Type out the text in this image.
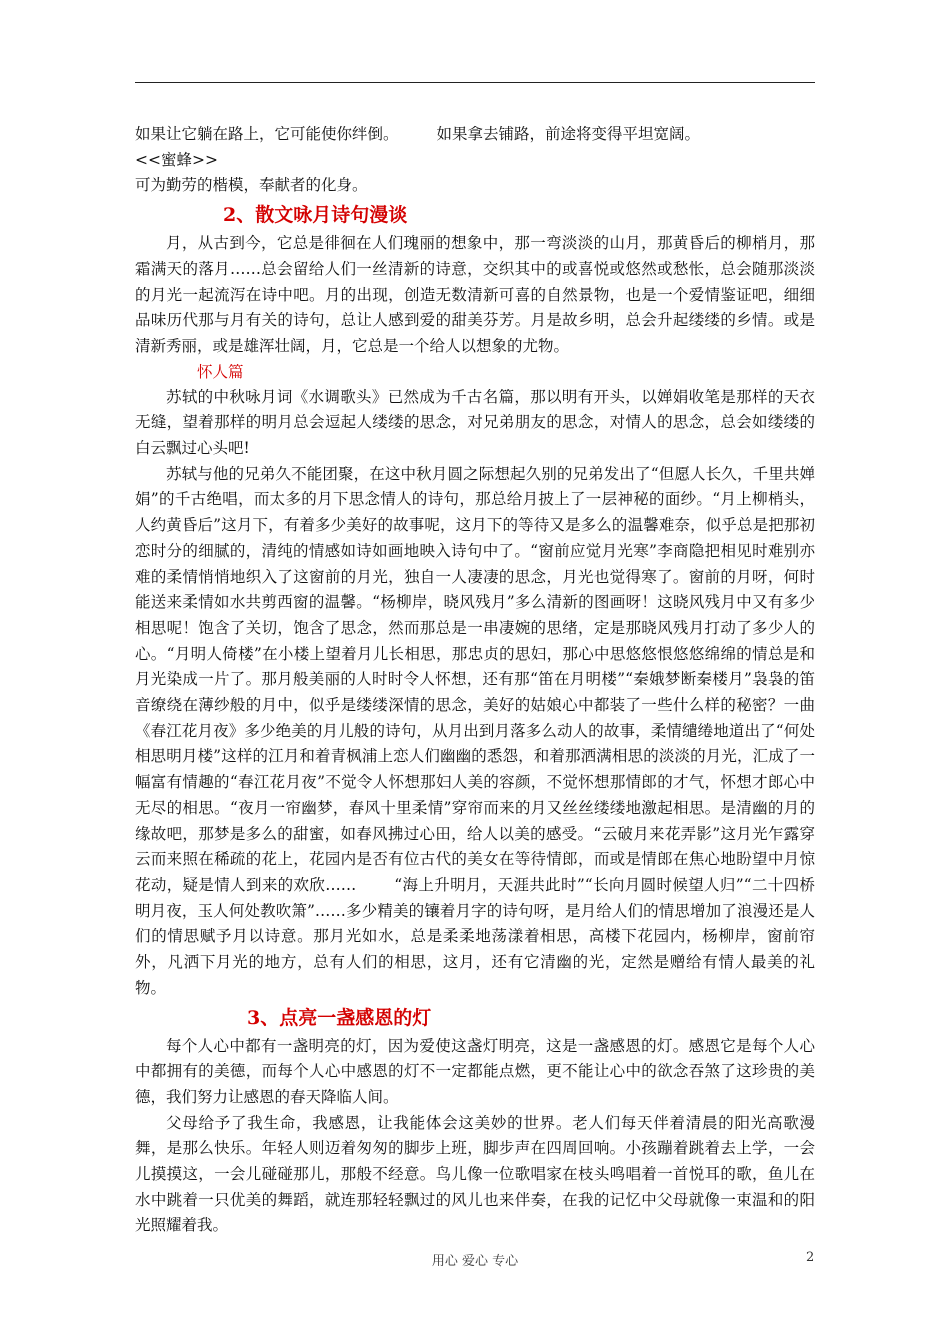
如果让它躺在路上，它可能使你绊倒。 如果拿去铺路，前途将变得平坦宽阔。

<<蜜蜂>>

可为勤劳的楷模，奉献者的化身。

2、散文咏月诗句漫谈

月，从古到今，它总是徘徊在人们瑰丽的想象中，那一弯淡淡的山月，那黄昏后的柳梢月，那霜满天的落月……总会留给人们一丝清新的诗意，交织其中的或喜悦或悠然或愁怅，总会随那淡淡的月光一起流泻在诗中吧。月的出现，创造无数清新可喜的自然景物，也是一个爱情鉴证吧，细细品味历代那与月有关的诗句，总让人感到爱的甜美芬芳。月是故乡明，总会升起缕缕的乡情。或是清新秀丽，或是雄浑壮阔，月，它总是一个给人以想象的尤物。

怀人篇

苏轼的中秋咏月词《水调歌头》已然成为千古名篇，那以明有开头，以婵娟收笔是那样的天衣无缝，望着那样的明月总会逗起人缕缕的思念，对兄弟朋友的思念，对情人的思念，总会如缕缕的白云飘过心头吧!

苏轼与他的兄弟久不能团聚，在这中秋月圆之际想起久别的兄弟发出了“但愿人长久，千里共婵娟”的千古绝唱，而太多的月下思念情人的诗句，那总给月披上了一层神秘的面纱。“月上柳梢头，人约黄昏后”这月下，有着多少美好的故事呢，这月下的等待又是多么的温馨难奈，似乎总是把那初恋时分的细腻的，清纯的情感如诗如画地映入诗句中了。“窗前应觉月光寒”李商隐把相见时难别亦难的柔情悄悄地织入了这窗前的月光，独自一人凄凄的思念，月光也觉得寒了。窗前的月呀，何时能送来柔情如水共剪西窗的温馨。“杨柳岸，晓风残月”多么清新的图画呀！这晓风残月中又有多少相思呢！饱含了关切，饱含了思念，然而那总是一串凄婉的思绪，定是那晓风残月打动了多少人的心。“月明人倚楼”在小楼上望着月儿长相思，那忠贞的思妇，那心中思悠悠恨悠悠绵绵的情总是和月光染成一片了。那月般美丽的人时时令人怀想，还有那“笛在月明楼”“秦娥梦断秦楼月”袅袅的笛音缭绕在薄纱般的月中，似乎是缕缕深情的思念，美好的姑娘心中都装了一些什么样的秘密？一曲《春江花月夜》多少绝美的月儿般的诗句，从月出到月落多么动人的故事，柔情缱绻地道出了“何处相思明月楼”这样的江月和着青枫浦上恋人们幽幽的悉怨，和着那洒满相思的淡淡的月光，汇成了一幅富有情趣的“春江花月夜”不觉令人怀想那妇人美的容颜，不觉怀想那情郎的才气，怀想才郎心中无尽的相思。“夜月一帘幽梦，春风十里柔情”穿帘而来的月又丝丝缕缕地激起相思。是清幽的月的缘故吧，那梦是多么的甜蜜，如春风拂过心田，给人以美的感受。“云破月来花弄影”这月光乍露穿云而来照在稀疏的花上，花园内是否有位古代的美女在等待情郎，而或是情郎在焦心地盼望中月惊花动，疑是情人到来的欢欣…… “海上升明月，天涯共此时”“长向月圆时候望人归”“二十四桥明月夜，玉人何处教吹箫”……多少精美的镶着月字的诗句呀，是月给人们的情思增加了浪漫还是人们的情思赋予月以诗意。那月光如水，总是柔柔地荡漾着相思，高楼下花园内，杨柳岸，窗前帘外，凡洒下月光的地方，总有人们的相思，这月，还有它清幽的光，定然是赠给有情人最美的礼物。

3、点亮一盏感恩的灯

每个人心中都有一盏明亮的灯，因为爱使这盏灯明亮，这是一盏感恩的灯。感恩它是每个人心中都拥有的美德，而每个人心中感恩的灯不一定都能点燃，更不能让心中的欲念吞煞了这珍贵的美德，我们努力让感恩的春天降临人间。

父母给予了我生命，我感恩，让我能体会这美妙的世界。老人们每天伴着清晨的阳光高歌漫舞，是那么快乐。年轻人则迈着匆匆的脚步上班，脚步声在四周回响。小孩蹦着跳着去上学，一会儿摸摸这，一会儿碰碰那儿，那般不经意。鸟儿像一位歌唱家在枝头鸣唱着一首悦耳的歌，鱼儿在水中跳着一只优美的舞蹈，就连那轻轻飘过的风儿也来伴奏，在我的记忆中父母就像一束温和的阳光照耀着我。

用心 爱心 专心	2
